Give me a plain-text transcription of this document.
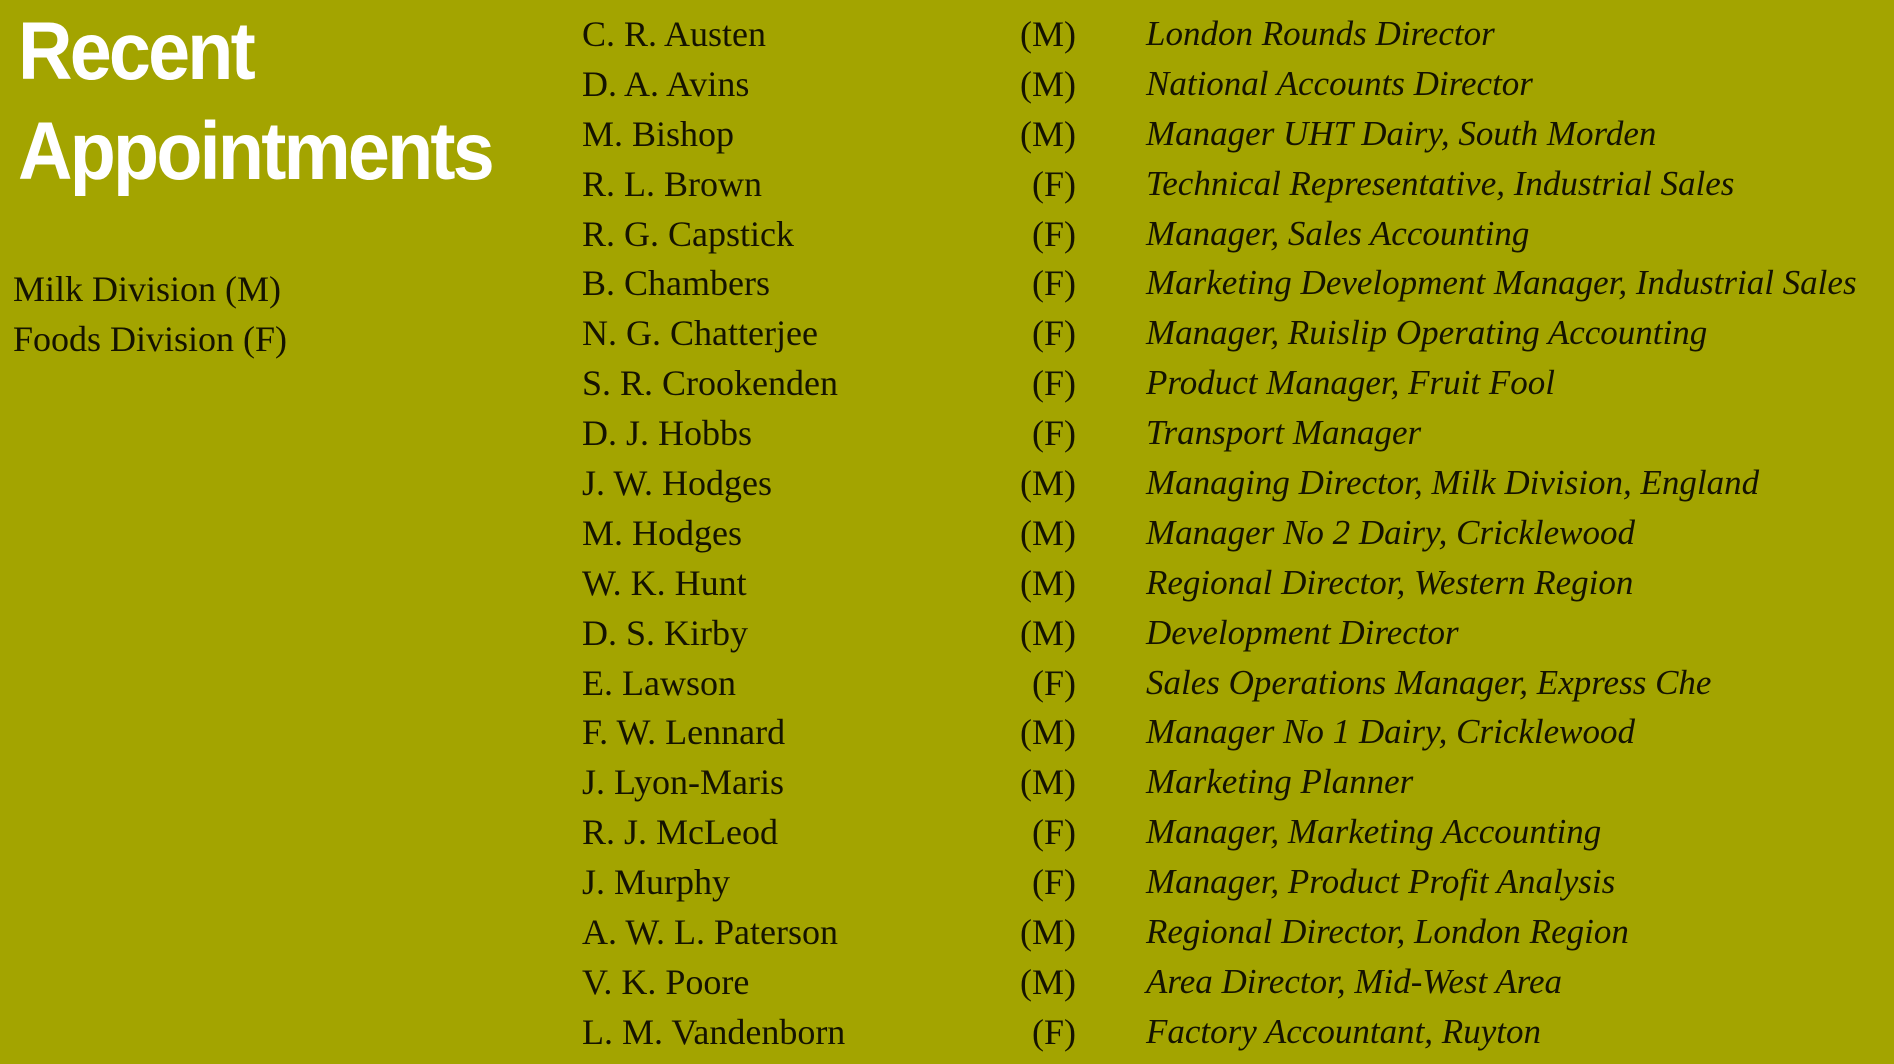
Recent
Appointments
Milk Division (M)
Foods Division (F)
C. R. Austen	(M) London Rounds Director
D. A. Avins	(M) National Accounts Director
M. Bishop	(M) Manager UHT Dairy, South Morden
R. L. Brown	(F) Technical Representative, Industrial Sales
R. G. Capstick	(F) Manager, Sales Accounting
B. Chambers	(F) Marketing Development Manager, Industrial Sales
N. G. Chatterjee	(F) Manager, Ruislip Operating Accounting
S. R. Crookenden	(F) Product Manager, Fruit Fool
D. J. Hobbs	(F) Transport Manager
J. W. Hodges	(M) Managing Director, Milk Division, England
M. Hodges	(M) Manager No 2 Dairy, Cricklewood
W. K. Hunt	(M) Regional Director, Western Region
D. S. Kirby	(M) Development Director
E. Lawson	(F) Sales Operations Manager, Express Che
F. W. Lennard	(M) Manager No 1 Dairy, Cricklewood
J. Lyon-Maris	(M) Marketing Planner
R. J. McLeod	(F) Manager, Marketing Accounting
J. Murphy	(F) Manager, Product Profit Analysis
A. W. L. Paterson	(M) Regional Director, London Region
V. K. Poore	(M) Area Director, Mid-West Area
L. M. Vandenborn	(F) Factory Accountant, Ruyton
